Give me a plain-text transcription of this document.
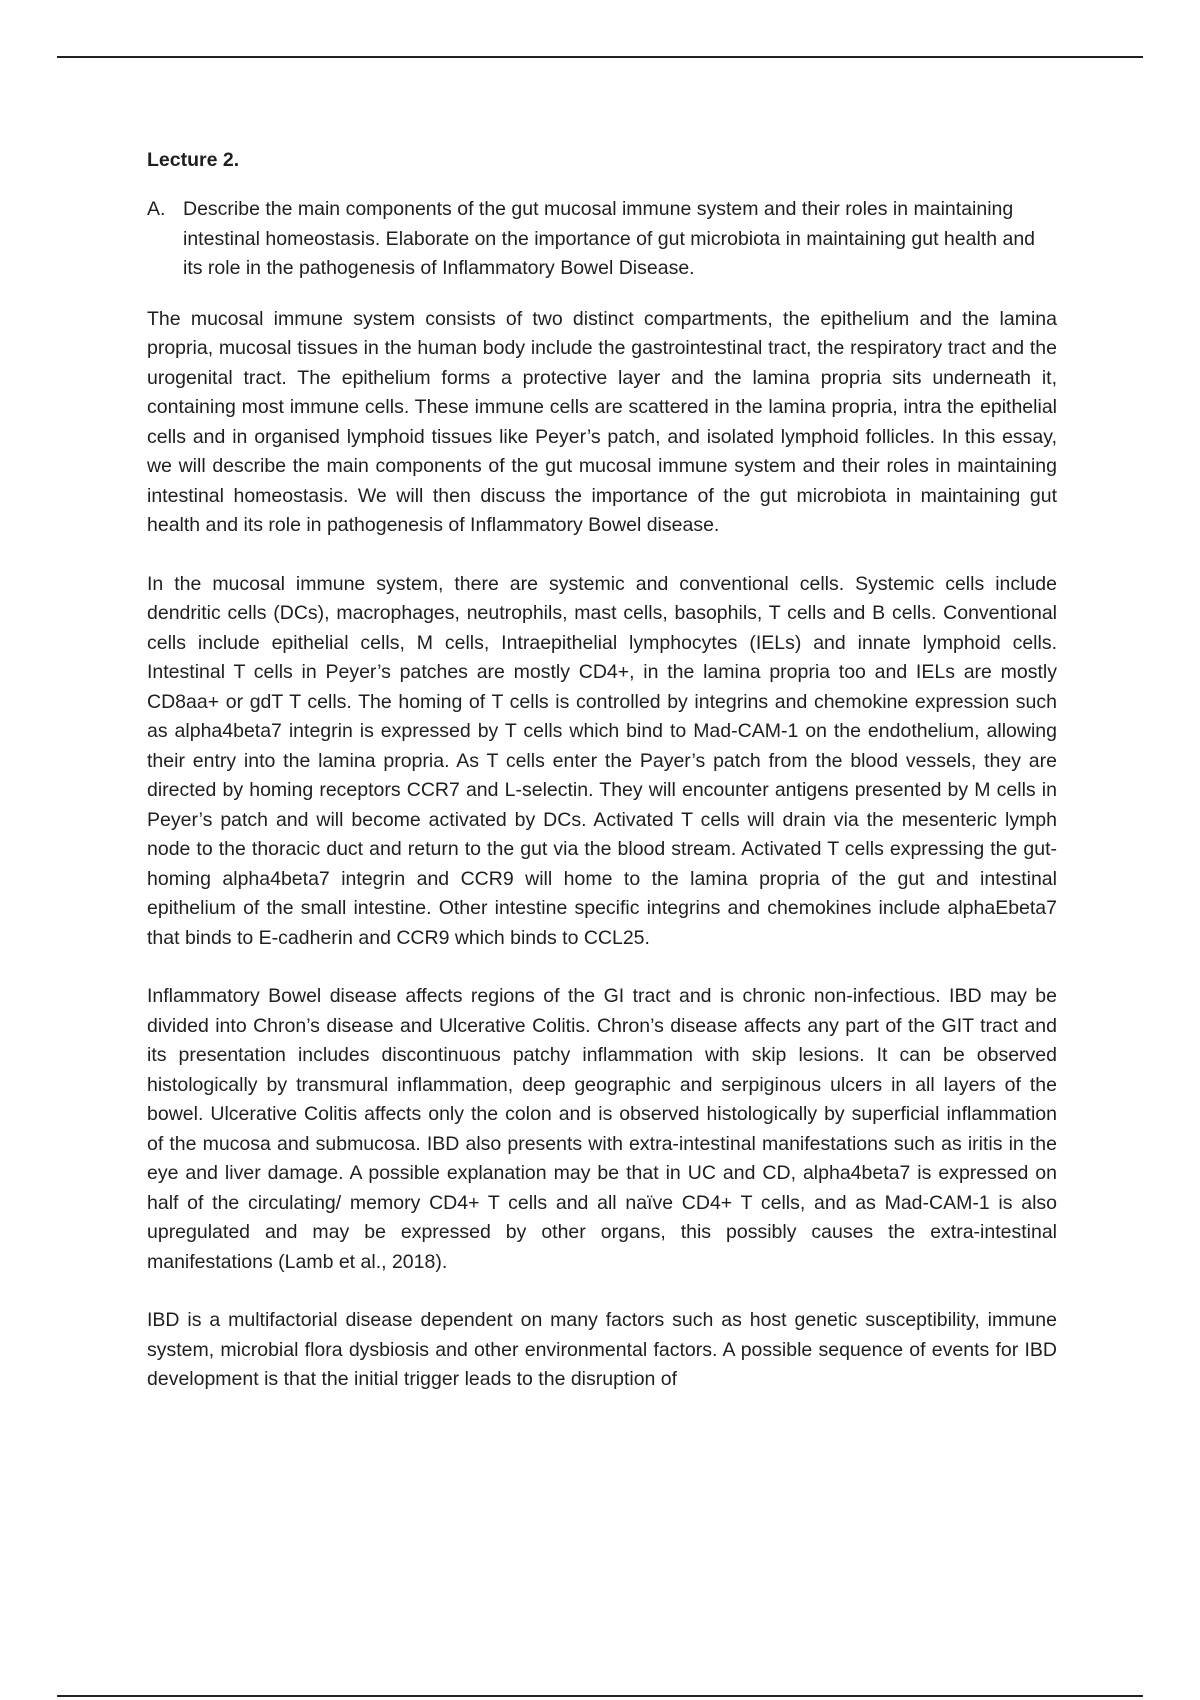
Lecture 2.
A. Describe the main components of the gut mucosal immune system and their roles in maintaining intestinal homeostasis. Elaborate on the importance of gut microbiota in maintaining gut health and its role in the pathogenesis of Inflammatory Bowel Disease.

The mucosal immune system consists of two distinct compartments, the epithelium and the lamina propria, mucosal tissues in the human body include the gastrointestinal tract, the respiratory tract and the urogenital tract. The epithelium forms a protective layer and the lamina propria sits underneath it, containing most immune cells. These immune cells are scattered in the lamina propria, intra the epithelial cells and in organised lymphoid tissues like Peyer’s patch, and isolated lymphoid follicles. In this essay, we will describe the main components of the gut mucosal immune system and their roles in maintaining intestinal homeostasis. We will then discuss the importance of the gut microbiota in maintaining gut health and its role in pathogenesis of Inflammatory Bowel disease.

In the mucosal immune system, there are systemic and conventional cells. Systemic cells include dendritic cells (DCs), macrophages, neutrophils, mast cells, basophils, T cells and B cells. Conventional cells include epithelial cells, M cells, Intraepithelial lymphocytes (IELs) and innate lymphoid cells. Intestinal T cells in Peyer’s patches are mostly CD4+, in the lamina propria too and IELs are mostly CD8aa+ or gdT T cells. The homing of T cells is controlled by integrins and chemokine expression such as alpha4beta7 integrin is expressed by T cells which bind to Mad-CAM-1 on the endothelium, allowing their entry into the lamina propria. As T cells enter the Payer’s patch from the blood vessels, they are directed by homing receptors CCR7 and L-selectin. They will encounter antigens presented by M cells in Peyer’s patch and will become activated by DCs. Activated T cells will drain via the mesenteric lymph node to the thoracic duct and return to the gut via the blood stream. Activated T cells expressing the gut-homing alpha4beta7 integrin and CCR9 will home to the lamina propria of the gut and intestinal epithelium of the small intestine. Other intestine specific integrins and chemokines include alphaEbeta7 that binds to E-cadherin and CCR9 which binds to CCL25.

Inflammatory Bowel disease affects regions of the GI tract and is chronic non-infectious. IBD may be divided into Chron’s disease and Ulcerative Colitis. Chron’s disease affects any part of the GIT tract and its presentation includes discontinuous patchy inflammation with skip lesions. It can be observed histologically by transmural inflammation, deep geographic and serpiginous ulcers in all layers of the bowel. Ulcerative Colitis affects only the colon and is observed histologically by superficial inflammation of the mucosa and submucosa. IBD also presents with extra-intestinal manifestations such as iritis in the eye and liver damage. A possible explanation may be that in UC and CD, alpha4beta7 is expressed on half of the circulating/ memory CD4+ T cells and all naïve CD4+ T cells, and as Mad-CAM-1 is also upregulated and may be expressed by other organs, this possibly causes the extra-intestinal manifestations (Lamb et al., 2018).

IBD is a multifactorial disease dependent on many factors such as host genetic susceptibility, immune system, microbial flora dysbiosis and other environmental factors. A possible sequence of events for IBD development is that the initial trigger leads to the disruption of
